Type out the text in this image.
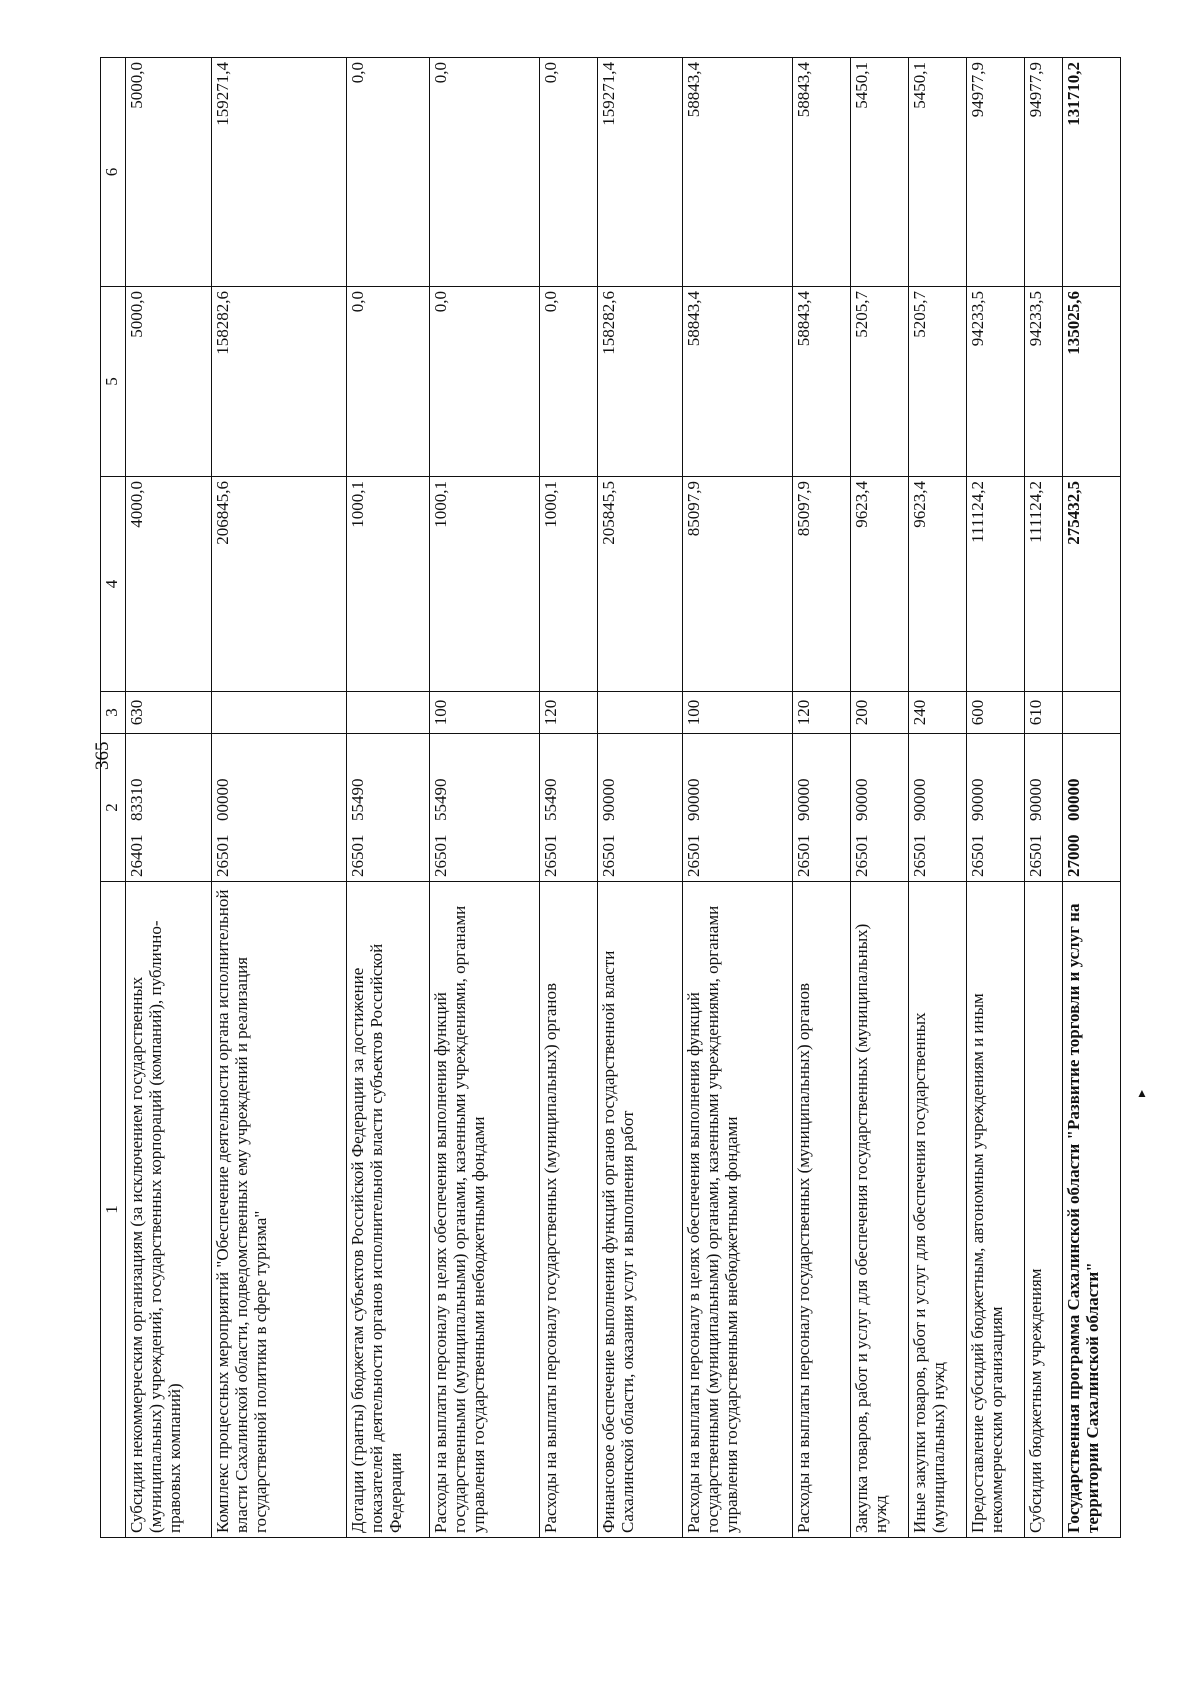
365
1	2	3	4	5	6
Субсидии некоммерческим организациям (за исключением государственных (муниципальных) учреждений, государственных корпораций (компаний), публично-правовых компаний)	2640183310	630	4000,0	5000,0	5000,0
Комплекс процессных мероприятий "Обеспечение деятельности органа исполнительной власти Сахалинской области, подведомственных ему учреждений и реализация государственной политики в сфере туризма"	2650100000		206845,6	158282,6	159271,4
Дотации (гранты) бюджетам субъектов Российской Федерации за достижение показателей деятельности органов исполнительной власти субъектов Российской Федерации	2650155490		1000,1	0,0	0,0
Расходы на выплаты персоналу в целях обеспечения выполнения функций государственными (муниципальными) органами, казенными учреждениями, органами управления государственными внебюджетными фондами	2650155490	100	1000,1	0,0	0,0
Расходы на выплаты персоналу государственных (муниципальных) органов	2650155490	120	1000,1	0,0	0,0
Финансовое обеспечение выполнения функций органов государственной власти Сахалинской области, оказания услуг и выполнения работ	2650190000		205845,5	158282,6	159271,4
Расходы на выплаты персоналу в целях обеспечения выполнения функций государственными (муниципальными) органами, казенными учреждениями, органами управления государственными внебюджетными фондами	2650190000	100	85097,9	58843,4	58843,4
Расходы на выплаты персоналу государственных (муниципальных) органов	2650190000	120	85097,9	58843,4	58843,4
Закупка товаров, работ и услуг для обеспечения государственных (муниципальных) нужд	2650190000	200	9623,4	5205,7	5450,1
Иные закупки товаров, работ и услуг для обеспечения государственных (муниципальных) нужд	2650190000	240	9623,4	5205,7	5450,1
Предоставление субсидий бюджетным, автономным учреждениям и иным некоммерческим организациям	2650190000	600	111124,2	94233,5	94977,9
Субсидии бюджетным учреждениям	2650190000	610	111124,2	94233,5	94977,9
Государственная программа Сахалинской области "Развитие торговли и услуг на территории Сахалинской области"	2700000000		275432,5	135025,6	131710,2
▲
